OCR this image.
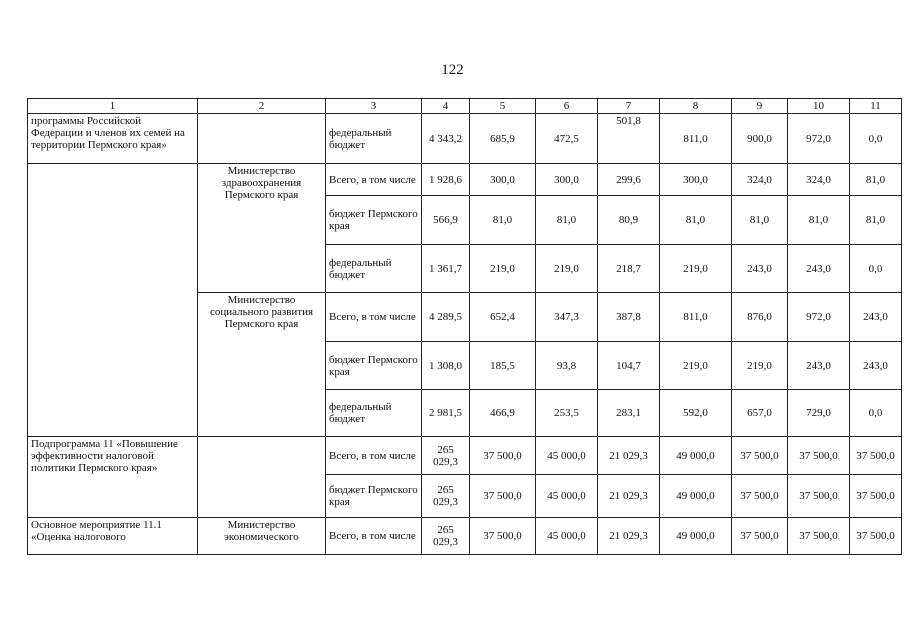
122
1	2	3	4	5	6	7	8	9	10	11
программы Российской Федерации и членов их семей на территории Пермского края»		федеральный бюджет	4 343,2	685,9	472,5	501,8	811,0	900,0	972,0	0,0
	Министерство здравоохранения Пермского края	Всего, в том числе	1 928,6	300,0	300,0	299,6	300,0	324,0	324,0	81,0
		бюджет Пермского края	566,9	81,0	81,0	80,9	81,0	81,0	81,0	81,0
		федеральный бюджет	1 361,7	219,0	219,0	218,7	219,0	243,0	243,0	0,0
	Министерство социального развития Пермского края	Всего, в том числе	4 289,5	652,4	347,3	387,8	811,0	876,0	972,0	243,0
		бюджет Пермского края	1 308,0	185,5	93,8	104,7	219,0	219,0	243,0	243,0
		федеральный бюджет	2 981,5	466,9	253,5	283,1	592,0	657,0	729,0	0,0
Подпрограмма 11 «Повышение эффективности налоговой политики Пермского края»		Всего, в том числе	265 029,3	37 500,0	45 000,0	21 029,3	49 000,0	37 500,0	37 500,0	37 500,0
		бюджет Пермского края	265 029,3	37 500,0	45 000,0	21 029,3	49 000,0	37 500,0	37 500,0	37 500,0
Основное мероприятие 11.1 «Оценка налогового	Министерство экономического	Всего, в том числе	265 029,3	37 500,0	45 000,0	21 029,3	49 000,0	37 500,0	37 500,0	37 500,0
